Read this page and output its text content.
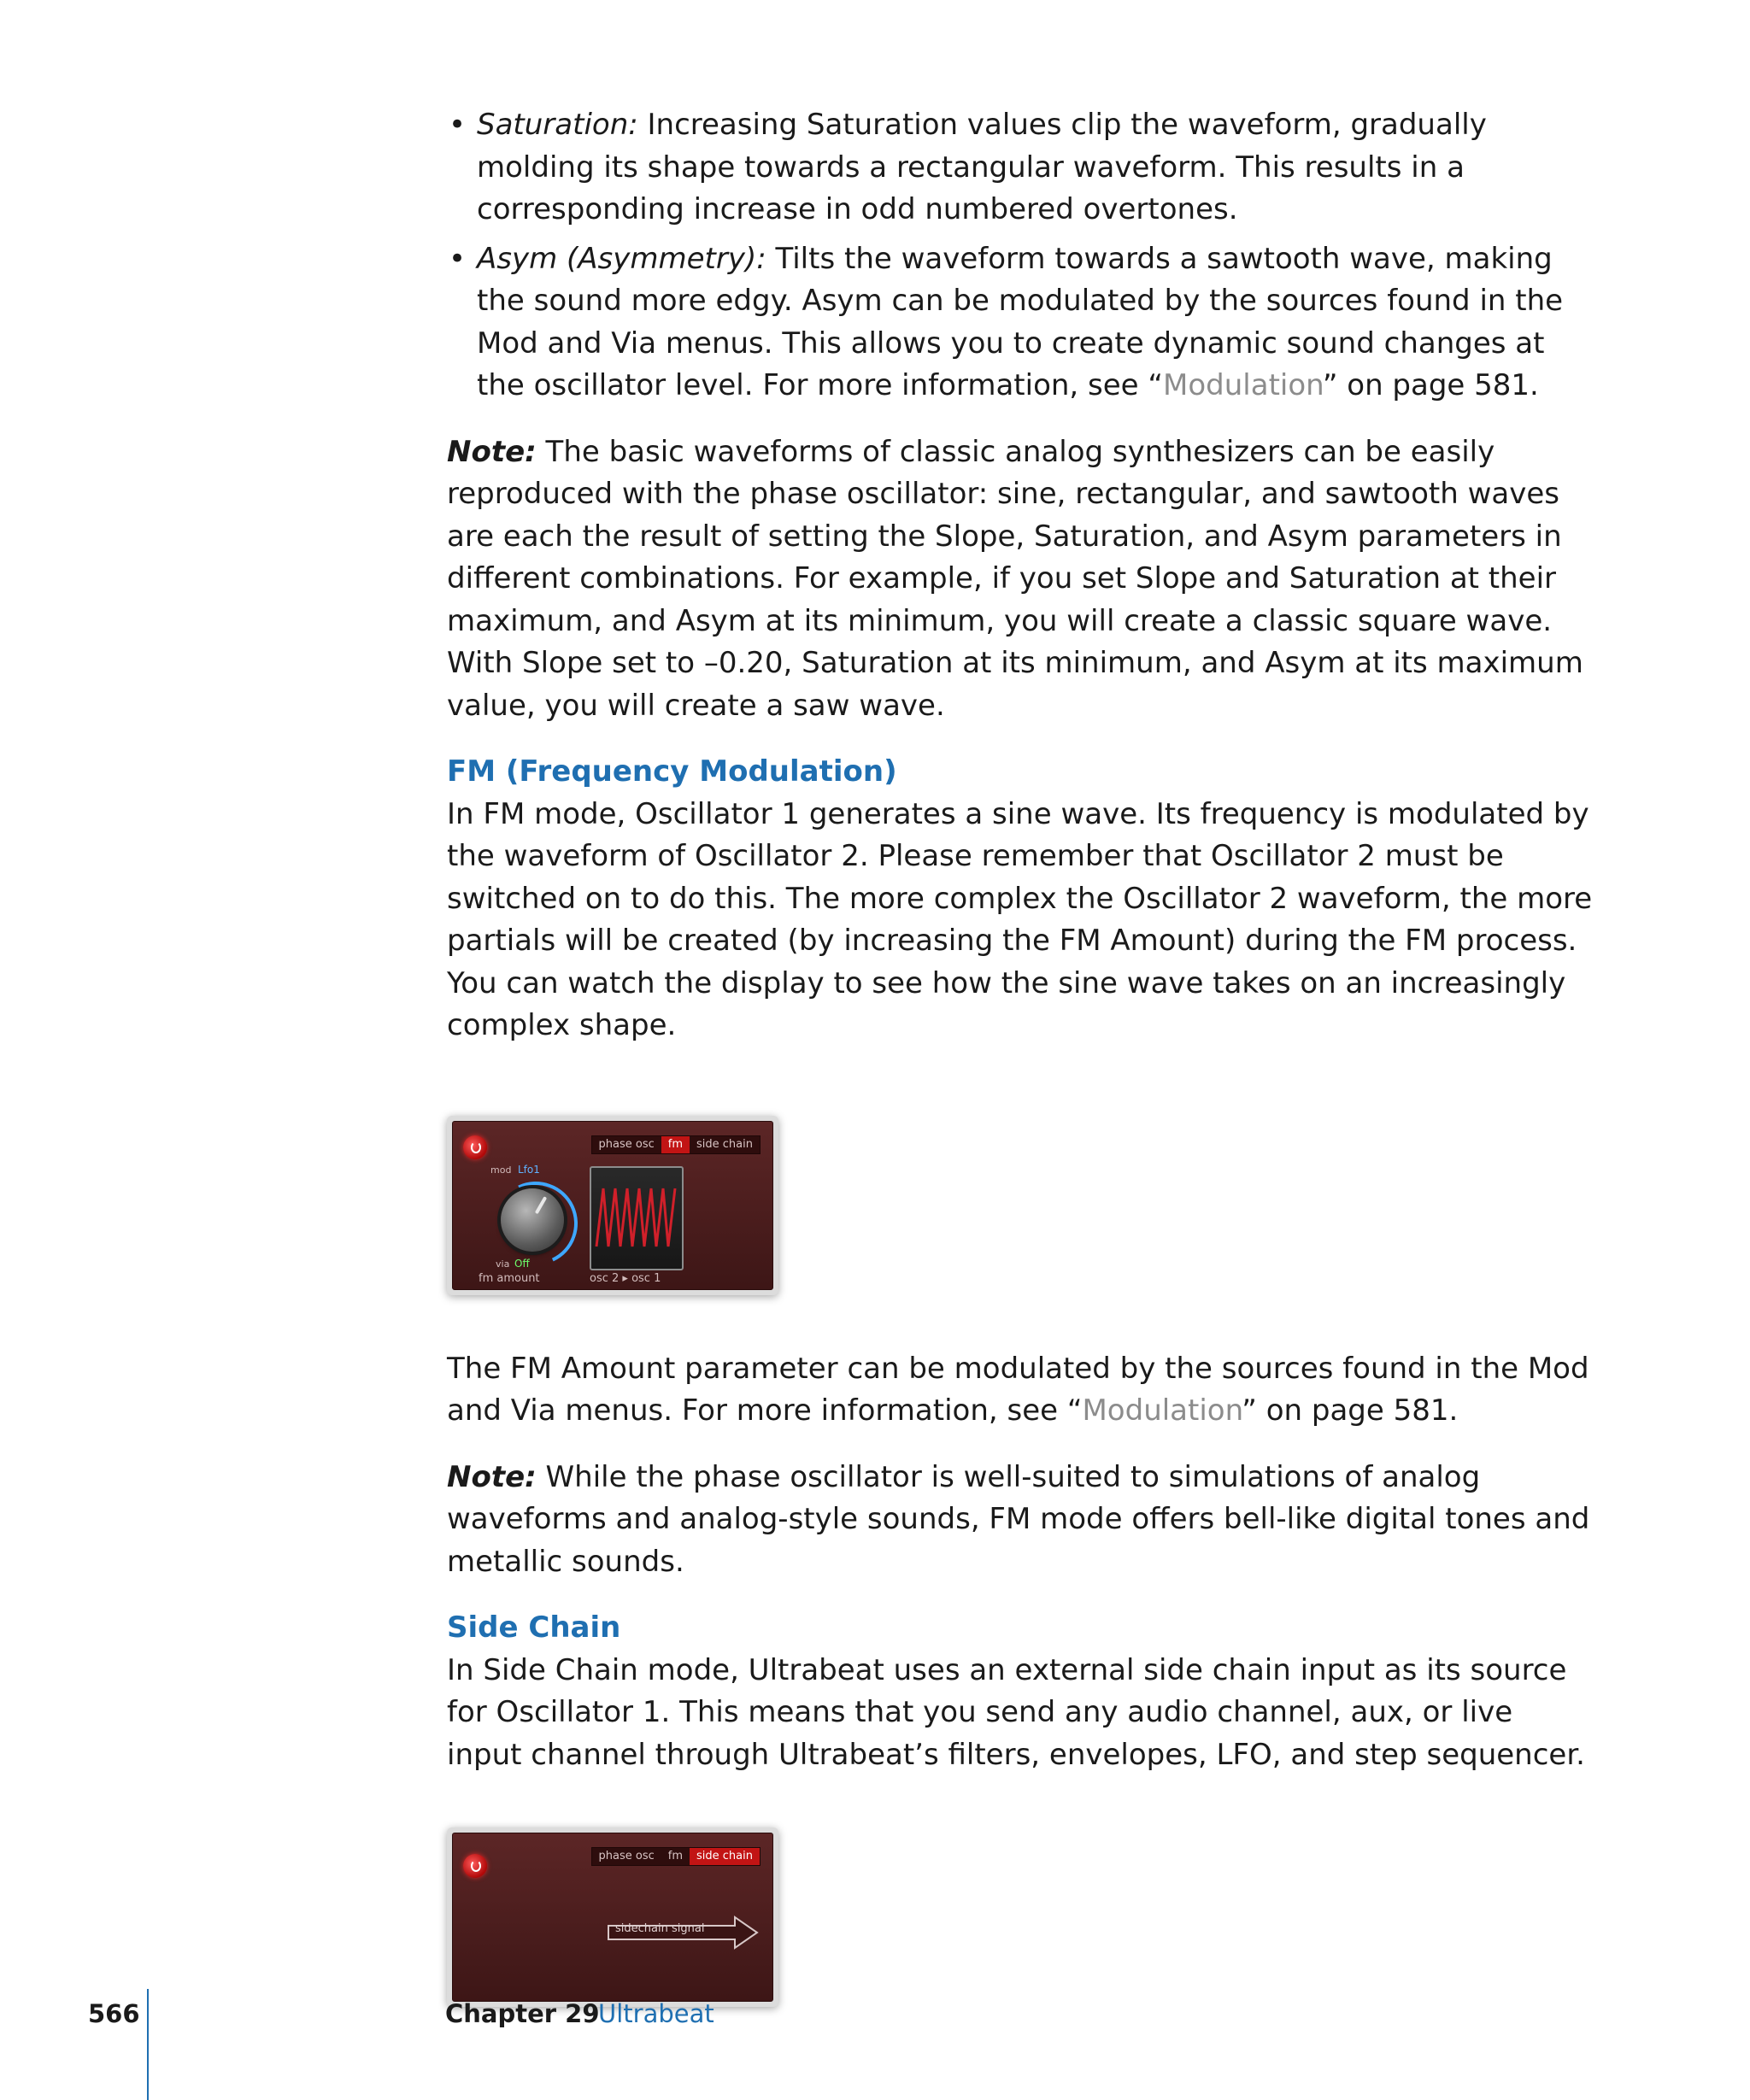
• Saturation: Increasing Saturation values clip the waveform, gradually molding its shape towards a rectangular waveform. This results in a corresponding increase in odd numbered overtones.
• Asym (Asymmetry): Tilts the waveform towards a sawtooth wave, making the sound more edgy. Asym can be modulated by the sources found in the Mod and Via menus. This allows you to create dynamic sound changes at the oscillator level. For more information, see “Modulation” on page 581.

Note: The basic waveforms of classic analog synthesizers can be easily reproduced with the phase oscillator: sine, rectangular, and sawtooth waves are each the result of setting the Slope, Saturation, and Asym parameters in different combinations. For example, if you set Slope and Saturation at their maximum, and Asym at its minimum, you will create a classic square wave. With Slope set to –0.20, Saturation at its minimum, and Asym at its maximum value, you will create a saw wave.

FM (Frequency Modulation)

In FM mode, Oscillator 1 generates a sine wave. Its frequency is modulated by the waveform of Oscillator 2. Please remember that Oscillator 2 must be switched on to do this. The more complex the Oscillator 2 waveform, the more partials will be created (by increasing the FM Amount) during the FM process. You can watch the display to see how the sine wave takes on an increasingly complex shape.

phase osc	fm	side chain
mod Lfo1
via Off
fm amount	osc 2 ▸ osc 1

The FM Amount parameter can be modulated by the sources found in the Mod and Via menus. For more information, see “Modulation” on page 581.

Note: While the phase oscillator is well-suited to simulations of analog waveforms and analog-style sounds, FM mode offers bell-like digital tones and metallic sounds.

Side Chain

In Side Chain mode, Ultrabeat uses an external side chain input as its source for Oscillator 1. This means that you send any audio channel, aux, or live input channel through Ultrabeat’s filters, envelopes, LFO, and step sequencer.

phase osc	fm	side chain
sidechain signal
566	Chapter 29
Ultrabeat
